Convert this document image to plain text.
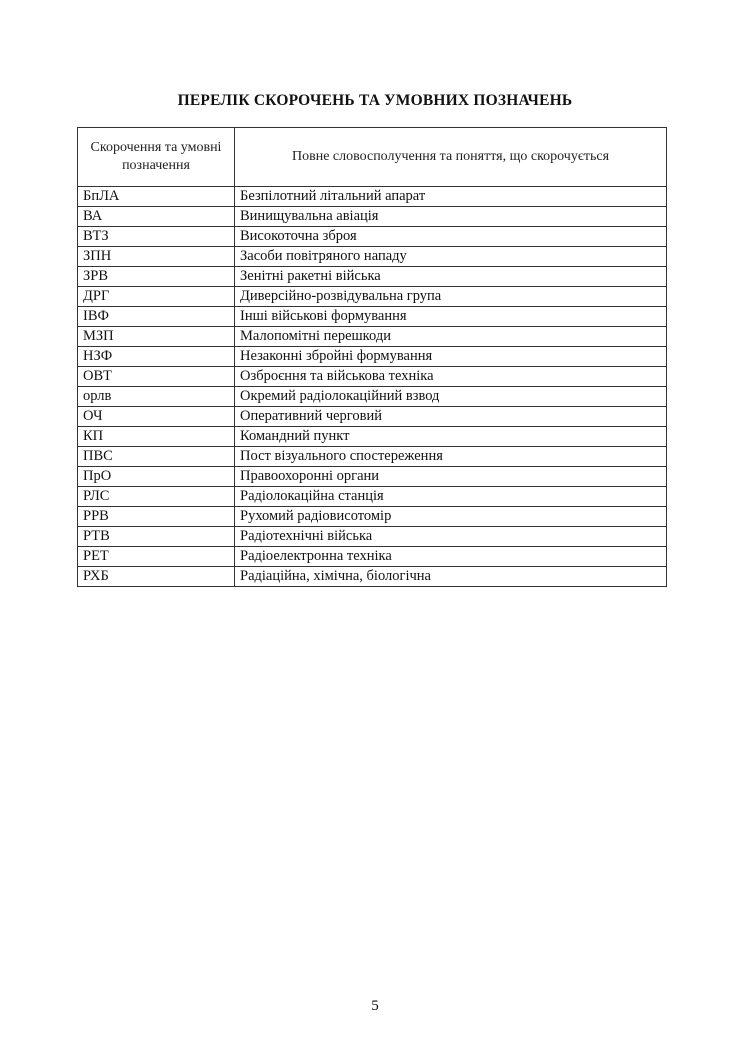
ПЕРЕЛІК СКОРОЧЕНЬ ТА УМОВНИХ ПОЗНАЧЕНЬ
Скорочення та умовні позначення	Повне словосполучення та поняття, що скорочується
БпЛА	Безпілотний літальний апарат
ВА	Винищувальна авіація
ВТЗ	Високоточна зброя
ЗПН	Засоби повітряного нападу
ЗРВ	Зенітні ракетні війська
ДРГ	Диверсійно-розвідувальна група
ІВФ	Інші військові формування
МЗП	Малопомітні перешкоди
НЗФ	Незаконні збройні формування
ОВТ	Озброєння та військова техніка
орлв	Окремий радіолокаційний взвод
ОЧ	Оперативний черговий
КП	Командний пункт
ПВС	Пост візуального спостереження
ПрО	Правоохоронні органи
РЛС	Радіолокаційна станція
РРВ	Рухомий радіовисотомір
РТВ	Радіотехнічні війська
РЕТ	Радіоелектронна техніка
РХБ	Радіаційна, хімічна, біологічна
5
